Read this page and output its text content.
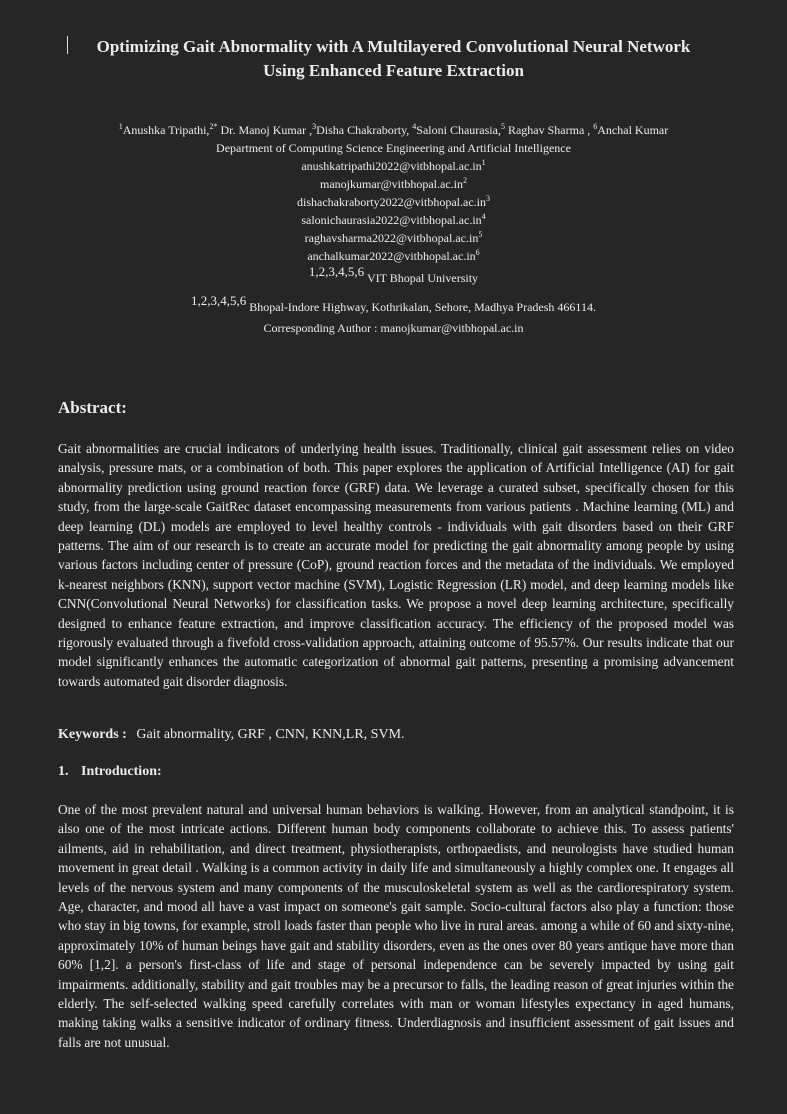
Optimizing Gait Abnormality with A Multilayered Convolutional Neural Network
Using Enhanced Feature Extraction
$^1$Anushka Tripathi,$^{2*}$ Dr. Manoj Kumar ,$^3$Disha Chakraborty, $^4$Saloni Chaurasia,$^5$ Raghav Sharma , $^6$Anchal Kumar
Department of Computing Science Engineering and Artificial Intelligence
$anushkatripathi2022@vitbhopal.ac.in^1$
$manojkumar@vitbhopal.ac.in^2$
$dishachakraborty2022@vitbhopal.ac.in^3$
$salonichaurasia2022@vitbhopal.ac.in^4$
$raghavsharma2022@vitbhopal.ac.in^5$
$anchalkumar2022@vitbhopal.ac.in^6$
1,2,3,4,5,6 VIT Bhopal University
1,2,3,4,5,6 Bhopal-Indore Highway, Kothrikalan, Sehore, Madhya Pradesh 466114.
Corresponding Author : manojkumar@vitbhopal.ac.in
Abstract:

Gait abnormalities are crucial indicators of underlying health issues. Traditionally, clinical gait assessment relies on video analysis, pressure mats, or a combination of both. This paper explores the application of Artificial Intelligence (AI) for gait abnormality prediction using ground reaction force (GRF) data. We leverage a curated subset, specifically chosen for this study, from the large-scale GaitRec dataset encompassing measurements from various patients . Machine learning (ML) and deep learning (DL) models are employed to level healthy controls - individuals with gait disorders based on their GRF patterns. The aim of our research is to create an accurate model for predicting the gait abnormality among people by using various factors including center of pressure (CoP), ground reaction forces and the metadata of the individuals. We employed k-nearest neighbors (KNN), support vector machine (SVM), Logistic Regression (LR) model, and deep learning models like CNN(Convolutional Neural Networks) for classification tasks. We propose a novel deep learning architecture, specifically designed to enhance feature extraction, and improve classification accuracy. The efficiency of the proposed model was rigorously evaluated through a fivefold cross-validation approach, attaining outcome of 95.57%. Our results indicate that our model significantly enhances the automatic categorization of abnormal gait patterns, presenting a promising advancement towards automated gait disorder diagnosis.

Keywords : Gait abnormality, GRF , CNN, KNN,LR, SVM.
1. Introduction:

One of the most prevalent natural and universal human behaviors is walking. However, from an analytical standpoint, it is also one of the most intricate actions. Different human body components collaborate to achieve this. To assess patients' ailments, aid in rehabilitation, and direct treatment, physiotherapists, orthopaedists, and neurologists have studied human movement in great detail . Walking is a common activity in daily life and simultaneously a highly complex one. It engages all levels of the nervous system and many components of the musculoskeletal system as well as the cardiorespiratory system. Age, character, and mood all have a vast impact on someone's gait sample. Socio-cultural factors also play a function: those who stay in big towns, for example, stroll loads faster than people who live in rural areas. among a while of 60 and sixty-nine, approximately 10% of human beings have gait and stability disorders, even as the ones over 80 years antique have more than 60% [1,2]. a person's first-class of life and stage of personal independence can be severely impacted by using gait impairments. additionally, stability and gait troubles may be a precursor to falls, the leading reason of great injuries within the elderly. The self-selected walking speed carefully correlates with man or woman lifestyles expectancy in aged humans, making taking walks a sensitive indicator of ordinary fitness. Underdiagnosis and insufficient assessment of gait issues and falls are not unusual.
